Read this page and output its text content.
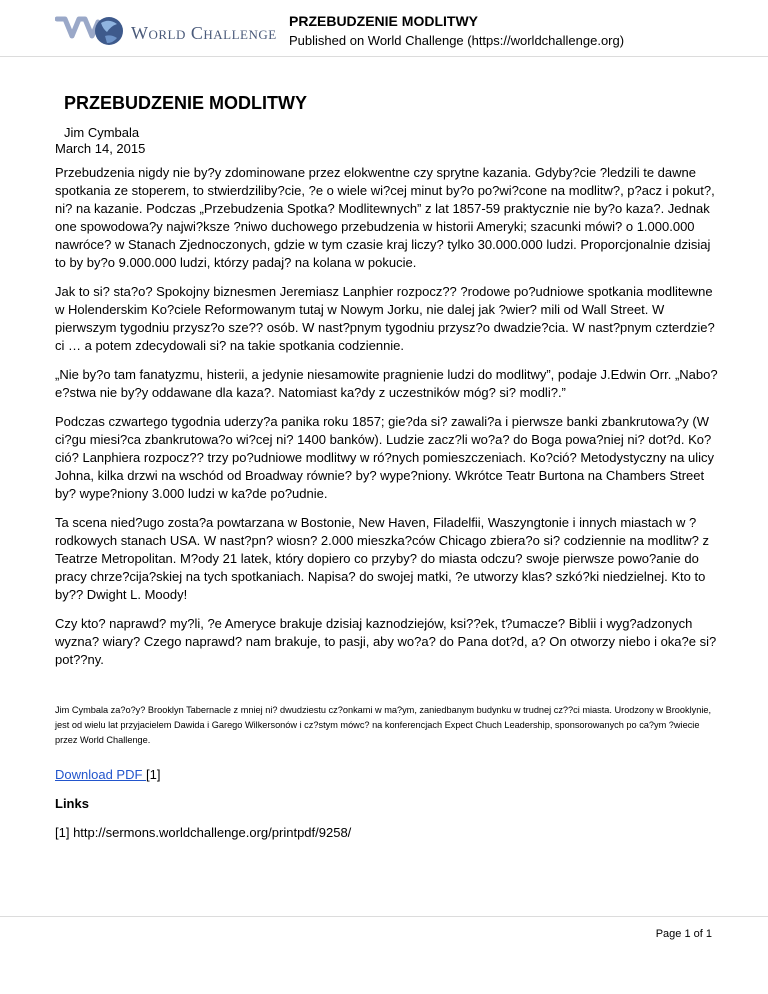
World Challenge
PRZEBUDZENIE MODLITWY
Published on World Challenge (https://worldchallenge.org)
PRZEBUDZENIE MODLITWY
Jim Cymbala
March 14, 2015

Przebudzenia nigdy nie by?y zdominowane przez elokwentne czy sprytne kazania. Gdyby?cie ?ledzili te dawne spotkania ze stoperem, to stwierdziliby?cie, ?e o wiele wi?cej minut by?o po?wi?cone na modlitw?, p?acz i pokut?, ni? na kazanie. Podczas „Przebudzenia Spotka? Modlitewnych” z lat 1857-59 praktycznie nie by?o kaza?. Jednak one spowodowa?y najwi?ksze ?niwo duchowego przebudzenia w historii Ameryki; szacunki mówi? o 1.000.000 nawróce? w Stanach Zjednoczonych, gdzie w tym czasie kraj liczy? tylko 30.000.000 ludzi. Proporcjonalnie dzisiaj to by by?o 9.000.000 ludzi, którzy padaj? na kolana w pokucie.

Jak to si? sta?o? Spokojny biznesmen Jeremiasz Lanphier rozpocz?? ?rodowe po?udniowe spotkania modlitewne w Holenderskim Ko?ciele Reformowanym tutaj w Nowym Jorku, nie dalej jak ?wier? mili od Wall Street. W pierwszym tygodniu przysz?o sze?? osób. W nast?pnym tygodniu przysz?o dwadzie?cia. W nast?pnym czterdzie?ci … a potem zdecydowali si? na takie spotkania codziennie.

„Nie by?o tam fanatyzmu, histerii, a jedynie niesamowite pragnienie ludzi do modlitwy”, podaje J.Edwin Orr. „Nabo?e?stwa nie by?y oddawane dla kaza?. Natomiast ka?dy z uczestników móg? si? modli?.”

Podczas czwartego tygodnia uderzy?a panika roku 1857; gie?da si? zawali?a i pierwsze banki zbankrutowa?y (W ci?gu miesi?ca zbankrutowa?o wi?cej ni? 1400 banków). Ludzie zacz?li wo?a? do Boga powa?niej ni? dot?d. Ko?ció? Lanphiera rozpocz?? trzy po?udniowe modlitwy w ró?nych pomieszczeniach. Ko?ció? Metodystyczny na ulicy Johna, kilka drzwi na wschód od Broadway równie? by? wype?niony. Wkrótce Teatr Burtona na Chambers Street by? wype?niony 3.000 ludzi w ka?de po?udnie.

Ta scena nied?ugo zosta?a powtarzana w Bostonie, New Haven, Filadelfii, Waszyngtonie i innych miastach w ?rodkowych stanach USA. W nast?pn? wiosn? 2.000 mieszka?ców Chicago zbiera?o si? codziennie na modlitw? z Teatrze Metropolitan. M?ody 21 latek, który dopiero co przyby? do miasta odczu? swoje pierwsze powo?anie do pracy chrze?cija?skiej na tych spotkaniach. Napisa? do swojej matki, ?e utworzy klas? szkó?ki niedzielnej. Kto to by?? Dwight L. Moody!

Czy kto? naprawd? my?li, ?e Ameryce brakuje dzisiaj kaznodziejów, ksi??ek, t?umacze? Biblii i wyg?adzonych wyzna? wiary? Czego naprawd? nam brakuje, to pasji, aby wo?a? do Pana dot?d, a? On otworzy niebo i oka?e si? pot??ny.

Jim Cymbala za?o?y? Brooklyn Tabernacle z mniej ni? dwudziestu cz?onkami w ma?ym, zaniedbanym budynku w trudnej cz??ci miasta. Urodzony w Brooklynie, jest od wielu lat przyjacielem Dawida i Garego Wilkersonów i cz?stym mówc? na konferencjach Expect Chuch Leadership, sponsorowanych po ca?ym ?wiecie przez World Challenge.

Download PDF [1]

Links

[1] http://sermons.worldchallenge.org/printpdf/9258/

Page 1 of 1
